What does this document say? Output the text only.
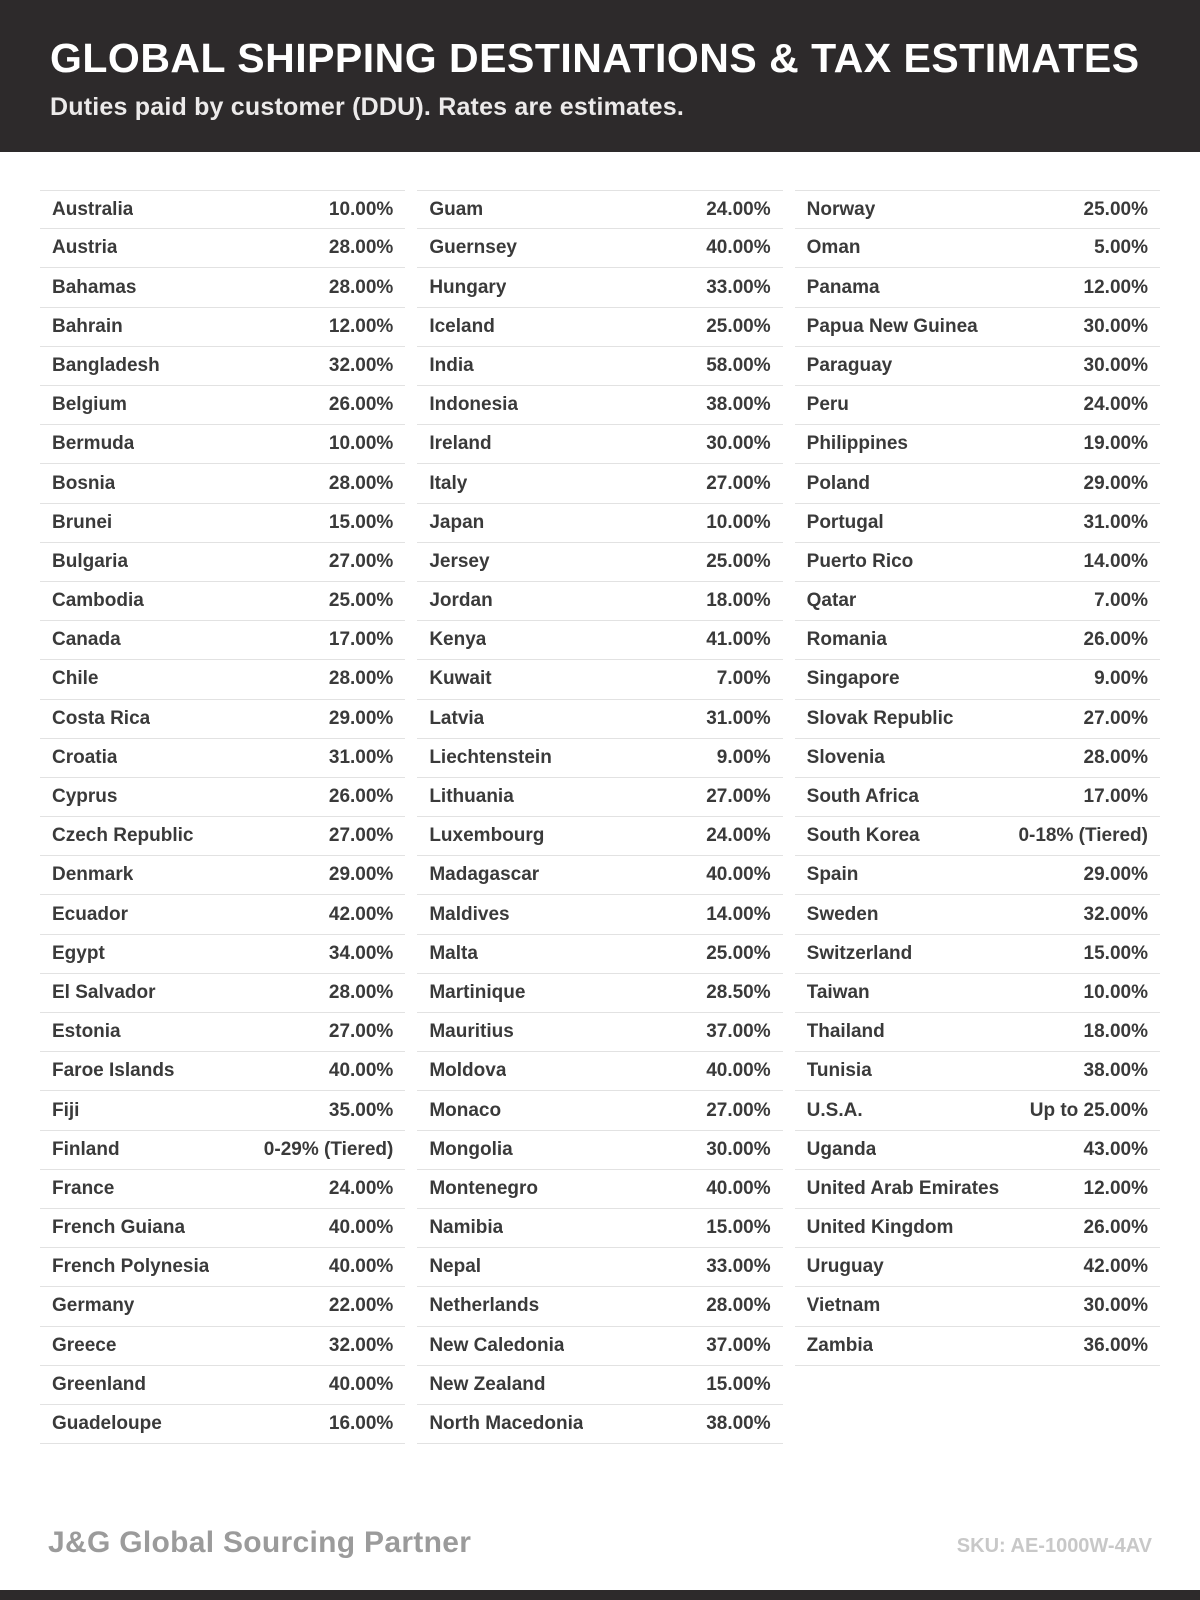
GLOBAL SHIPPING DESTINATIONS & TAX ESTIMATES

Duties paid by customer (DDU). Rates are estimates.

Australia	10.00%
Austria	28.00%
Bahamas	28.00%
Bahrain	12.00%
Bangladesh	32.00%
Belgium	26.00%
Bermuda	10.00%
Bosnia	28.00%
Brunei	15.00%
Bulgaria	27.00%
Cambodia	25.00%
Canada	17.00%
Chile	28.00%
Costa Rica	29.00%
Croatia	31.00%
Cyprus	26.00%
Czech Republic	27.00%
Denmark	29.00%
Ecuador	42.00%
Egypt	34.00%
El Salvador	28.00%
Estonia	27.00%
Faroe Islands	40.00%
Fiji	35.00%
Finland	0-29% (Tiered)
France	24.00%
French Guiana	40.00%
French Polynesia	40.00%
Germany	22.00%
Greece	32.00%
Greenland	40.00%
Guadeloupe	16.00%
Guam	24.00%
Guernsey	40.00%
Hungary	33.00%
Iceland	25.00%
India	58.00%
Indonesia	38.00%
Ireland	30.00%
Italy	27.00%
Japan	10.00%
Jersey	25.00%
Jordan	18.00%
Kenya	41.00%
Kuwait	7.00%
Latvia	31.00%
Liechtenstein	9.00%
Lithuania	27.00%
Luxembourg	24.00%
Madagascar	40.00%
Maldives	14.00%
Malta	25.00%
Martinique	28.50%
Mauritius	37.00%
Moldova	40.00%
Monaco	27.00%
Mongolia	30.00%
Montenegro	40.00%
Namibia	15.00%
Nepal	33.00%
Netherlands	28.00%
New Caledonia	37.00%
New Zealand	15.00%
North Macedonia	38.00%
Norway	25.00%
Oman	5.00%
Panama	12.00%
Papua New Guinea	30.00%
Paraguay	30.00%
Peru	24.00%
Philippines	19.00%
Poland	29.00%
Portugal	31.00%
Puerto Rico	14.00%
Qatar	7.00%
Romania	26.00%
Singapore	9.00%
Slovak Republic	27.00%
Slovenia	28.00%
South Africa	17.00%
South Korea	0-18% (Tiered)
Spain	29.00%
Sweden	32.00%
Switzerland	15.00%
Taiwan	10.00%
Thailand	18.00%
Tunisia	38.00%
U.S.A.	Up to 25.00%
Uganda	43.00%
United Arab Emirates	12.00%
United Kingdom	26.00%
Uruguay	42.00%
Vietnam	30.00%
Zambia	36.00%
J&G Global Sourcing Partner	SKU: AE-1000W-4AV
